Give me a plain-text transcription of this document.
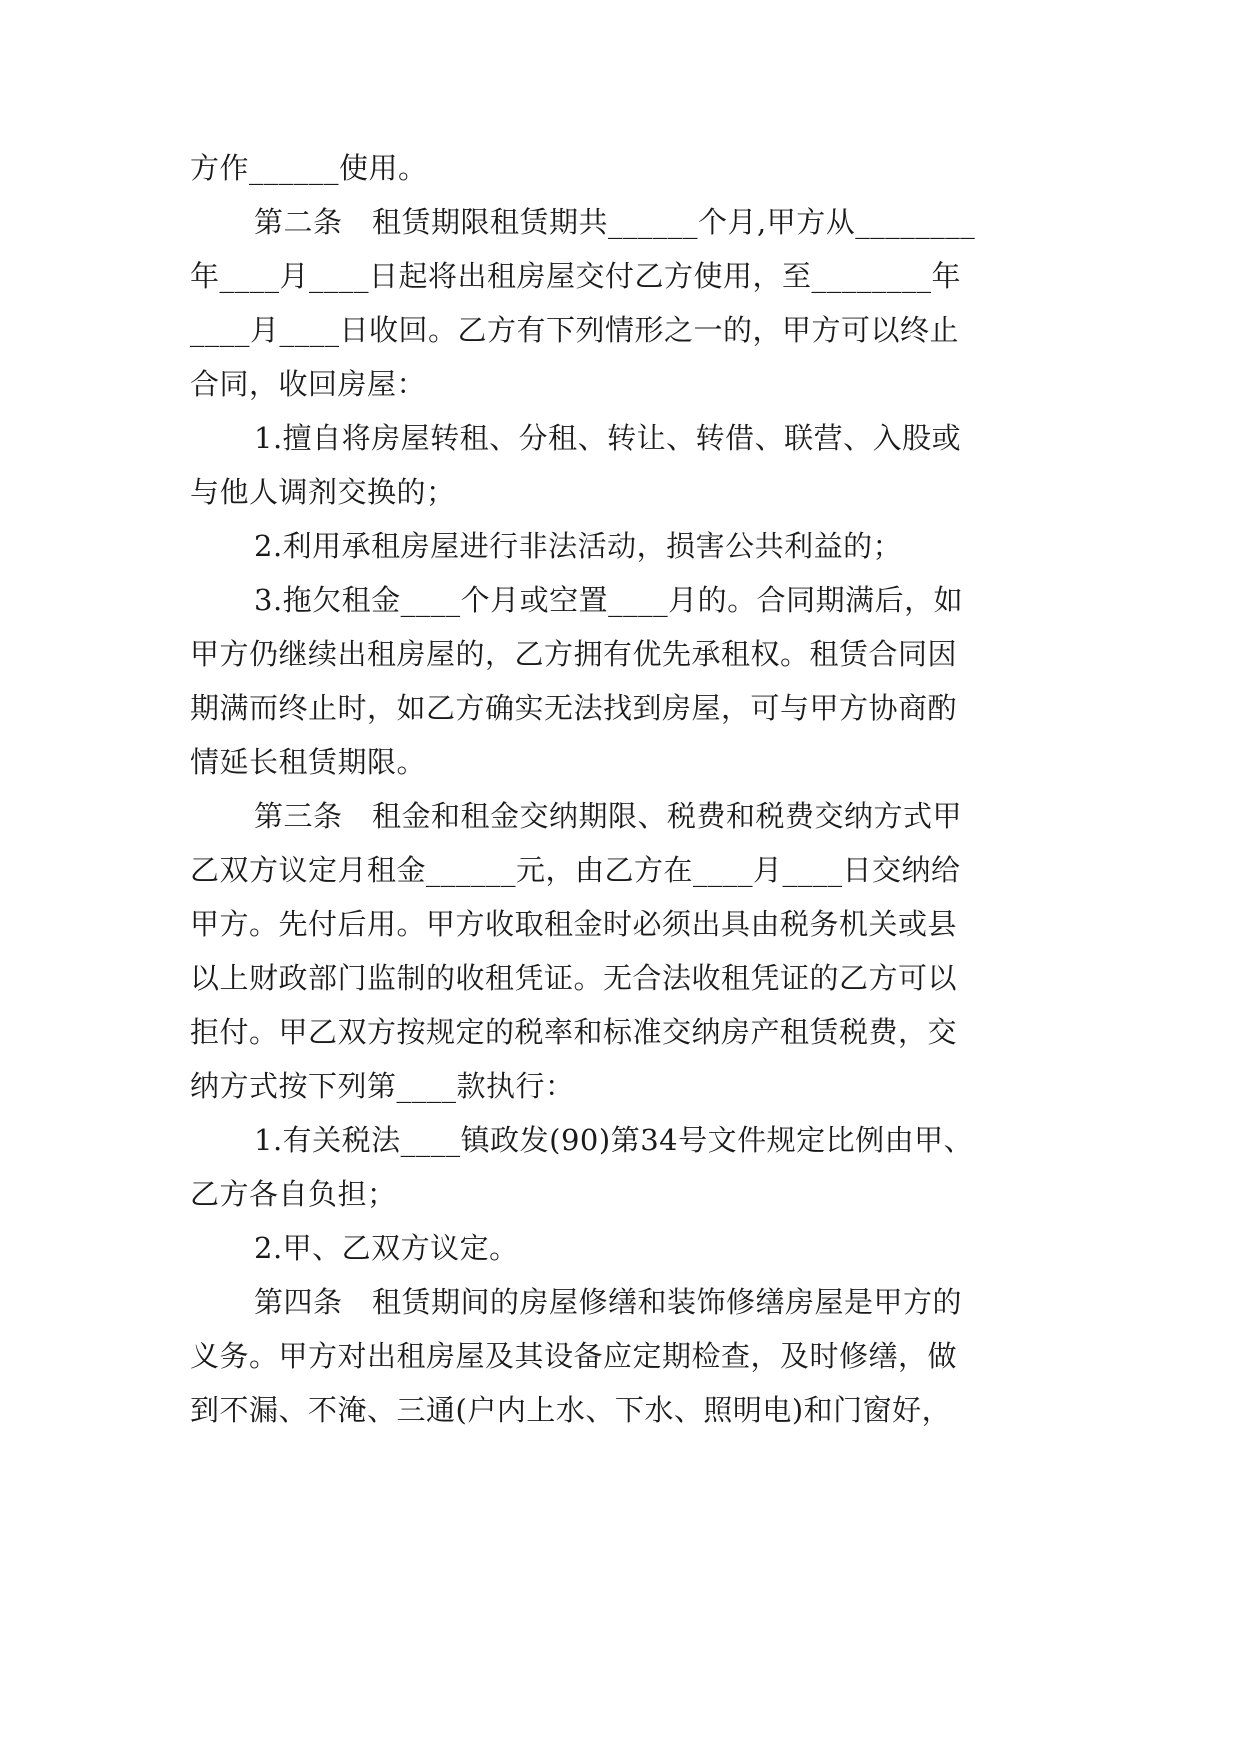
方作______使用。
第二条　租赁期限租赁期共______个月,甲方从________
年____月____日起将出租房屋交付乙方使用，至________年
____月____日收回。乙方有下列情形之一的，甲方可以终止
合同，收回房屋：
1.擅自将房屋转租、分租、转让、转借、联营、入股或
与他人调剂交换的；
2.利用承租房屋进行非法活动，损害公共利益的；
3.拖欠租金____个月或空置____月的。合同期满后，如
甲方仍继续出租房屋的，乙方拥有优先承租权。租赁合同因
期满而终止时，如乙方确实无法找到房屋，可与甲方协商酌
情延长租赁期限。
第三条　租金和租金交纳期限、税费和税费交纳方式甲
乙双方议定月租金______元，由乙方在____月____日交纳给
甲方。先付后用。甲方收取租金时必须出具由税务机关或县
以上财政部门监制的收租凭证。无合法收租凭证的乙方可以
拒付。甲乙双方按规定的税率和标准交纳房产租赁税费，交
纳方式按下列第____款执行：
1.有关税法____镇政发(90)第34号文件规定比例由甲、
乙方各自负担；
2.甲、乙双方议定。
第四条　租赁期间的房屋修缮和装饰修缮房屋是甲方的
义务。甲方对出租房屋及其设备应定期检查，及时修缮，做
到不漏、不淹、三通(户内上水、下水、照明电)和门窗好，
